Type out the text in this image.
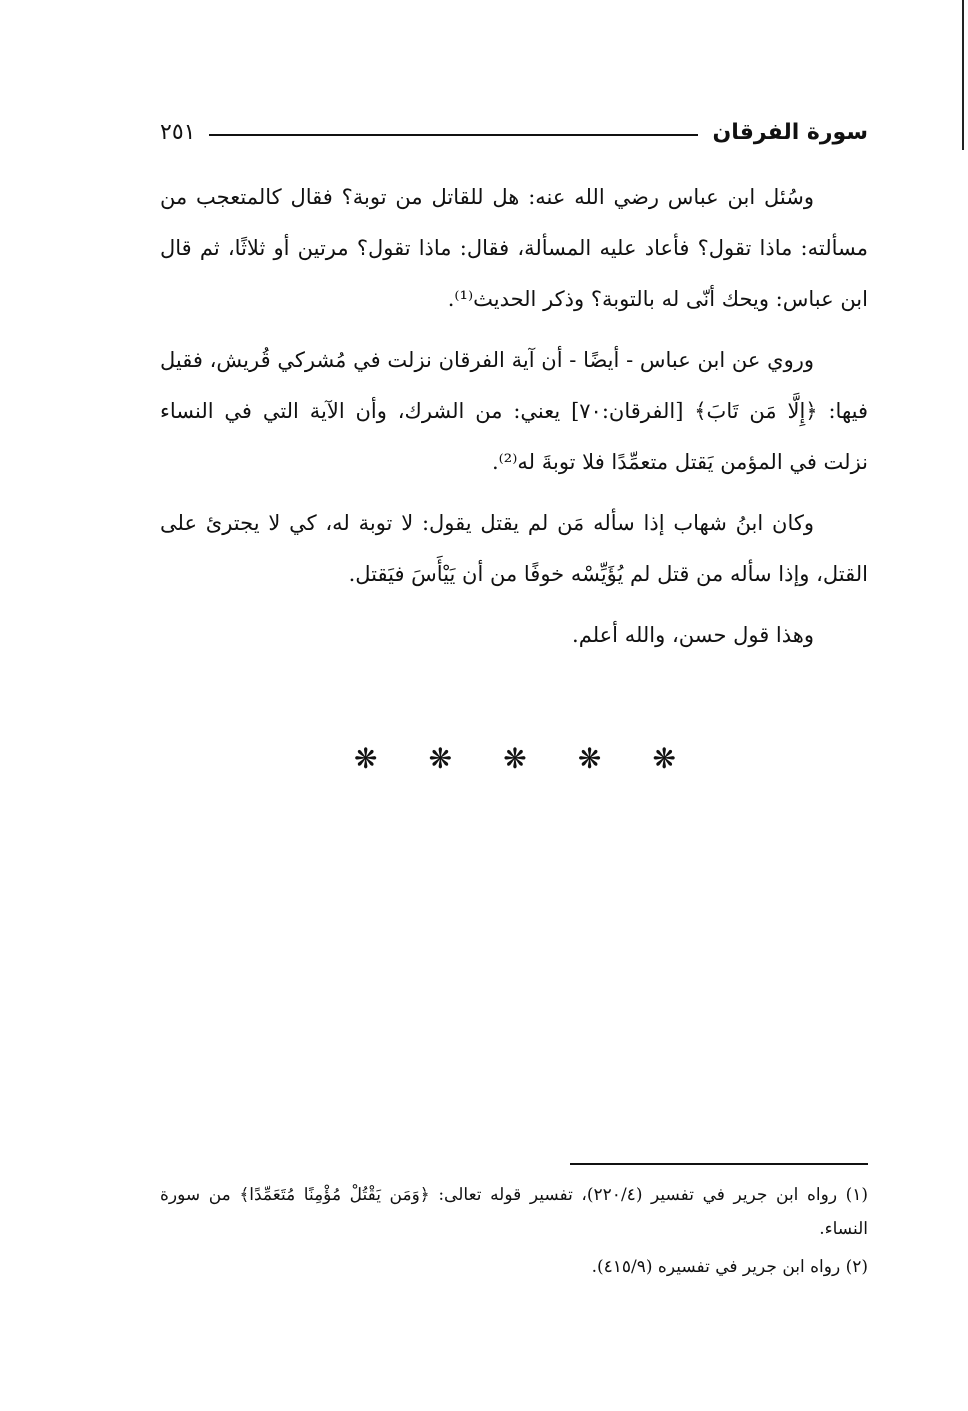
سورة الفرقان
٢٥١

وسُئل ابن عباس رضي الله عنه: هل للقاتل من توبة؟ فقال كالمتعجب من مسألته: ماذا تقول؟ فأعاد عليه المسألة، فقال: ماذا تقول؟ مرتين أو ثلاثًا، ثم قال ابن عباس: ويحك أنّى له بالتوبة؟ وذكر الحديث⁽¹⁾.

وروي عن ابن عباس - أيضًا - أن آية الفرقان نزلت في مُشركي قُريش، فقيل فيها: ﴿إِلَّا مَن تَابَ﴾ [الفرقان:٧٠] يعني: من الشرك، وأن الآية التي في النساء نزلت في المؤمن يَقتل متعمِّدًا فلا توبةَ له⁽²⁾.

وكان ابنُ شهاب إذا سأله مَن لم يقتل يقول: لا توبة له، كي لا يجترئ على القتل، وإذا سأله من قتل لم يُؤَيِّسْه خوفًا من أن يَيْأَسَ فيَقتل.

وهذا قول حسن، والله أعلم.

❋ ❋ ❋ ❋ ❋

(١) رواه ابن جرير في تفسير (٢٢٠/٤)، تفسير قوله تعالى: ﴿وَمَن يَقْتُلْ مُؤْمِنًا مُتَعَمِّدًا﴾ من سورة النساء.

(٢) رواه ابن جرير في تفسيره (٤١٥/٩).
